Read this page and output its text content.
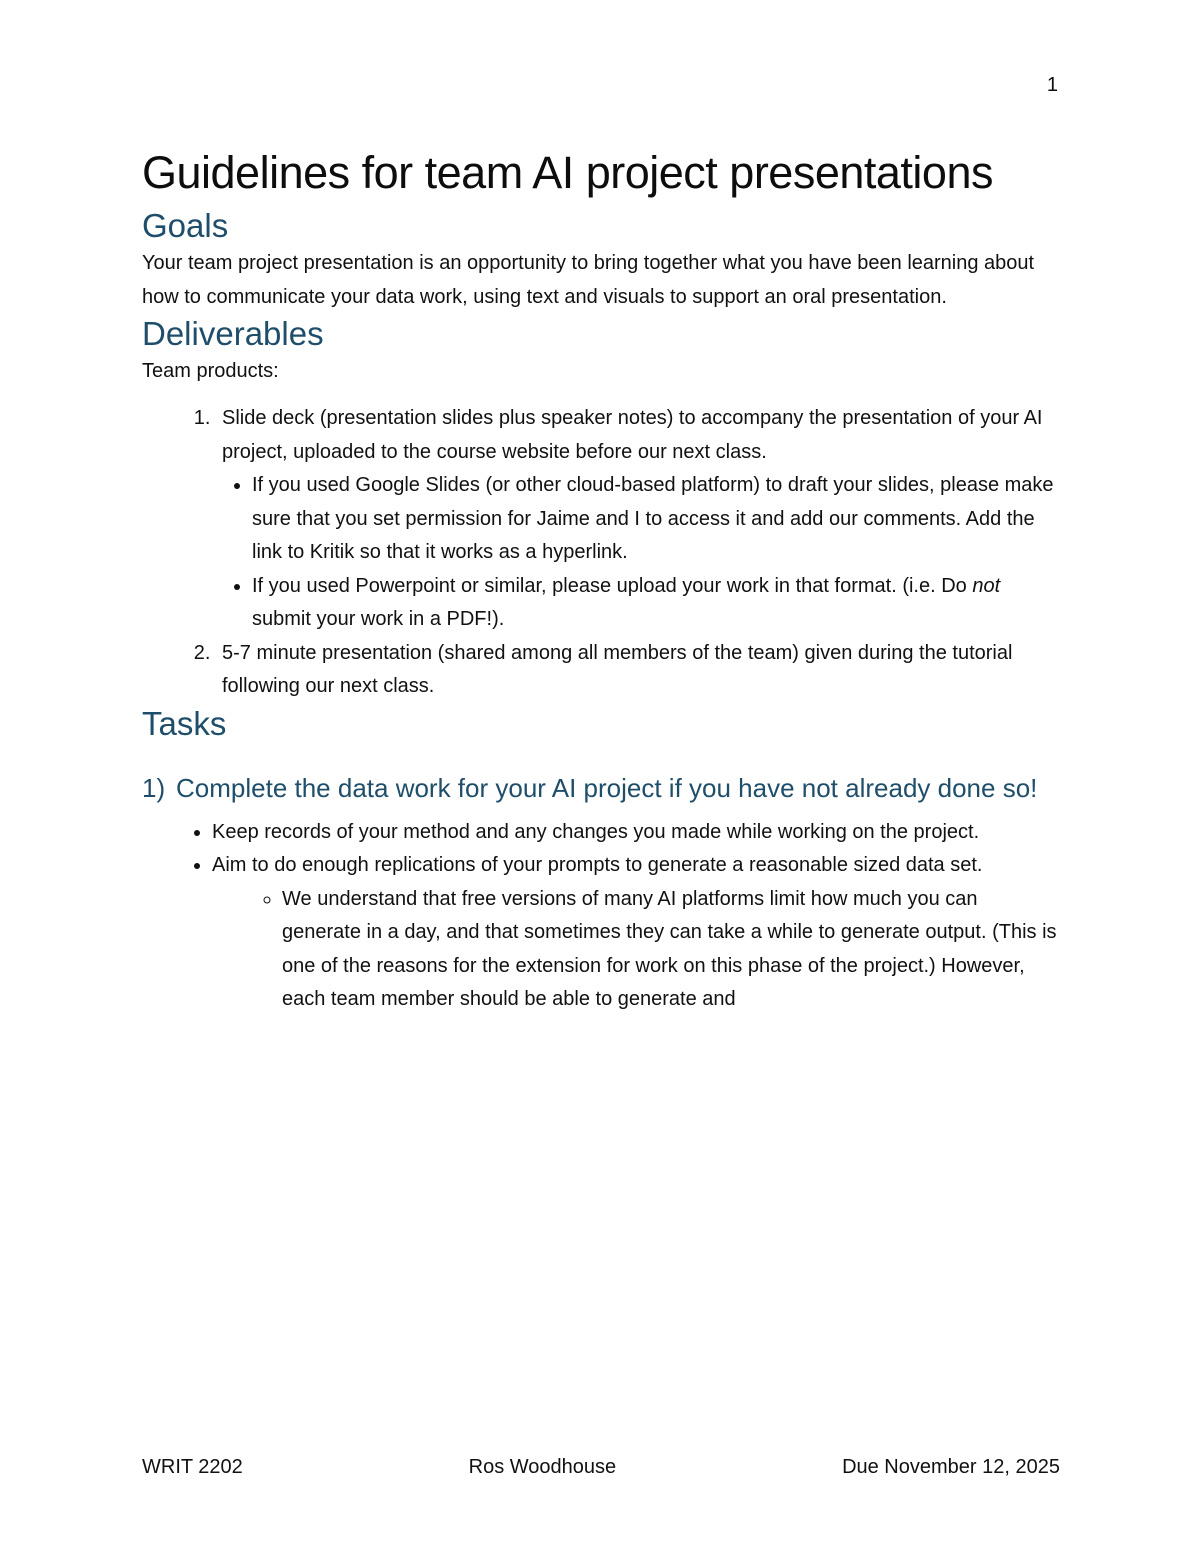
1
Guidelines for team AI project presentations
Goals

Your team project presentation is an opportunity to bring together what you have been learning about how to communicate your data work, using text and visuals to support an oral presentation.

Deliverables

Team products:

1. Slide deck (presentation slides plus speaker notes) to accompany the presentation of your AI project, uploaded to the course website before our next class.
• If you used Google Slides (or other cloud-based platform) to draft your slides, please make sure that you set permission for Jaime and I to access it and add our comments. Add the link to Kritik so that it works as a hyperlink.
• If you used Powerpoint or similar, please upload your work in that format. (i.e. Do not submit your work in a PDF!).
2. 5-7 minute presentation (shared among all members of the team) given during the tutorial following our next class.
Tasks
1) Complete the data work for your AI project if you have not already done so!
• Keep records of your method and any changes you made while working on the project.
• Aim to do enough replications of your prompts to generate a reasonable sized data set.
◦ We understand that free versions of many AI platforms limit how much you can generate in a day, and that sometimes they can take a while to generate output. (This is one of the reasons for the extension for work on this phase of the project.) However, each team member should be able to generate and
WRIT 2202	Ros Woodhouse	Due November 12, 2025
